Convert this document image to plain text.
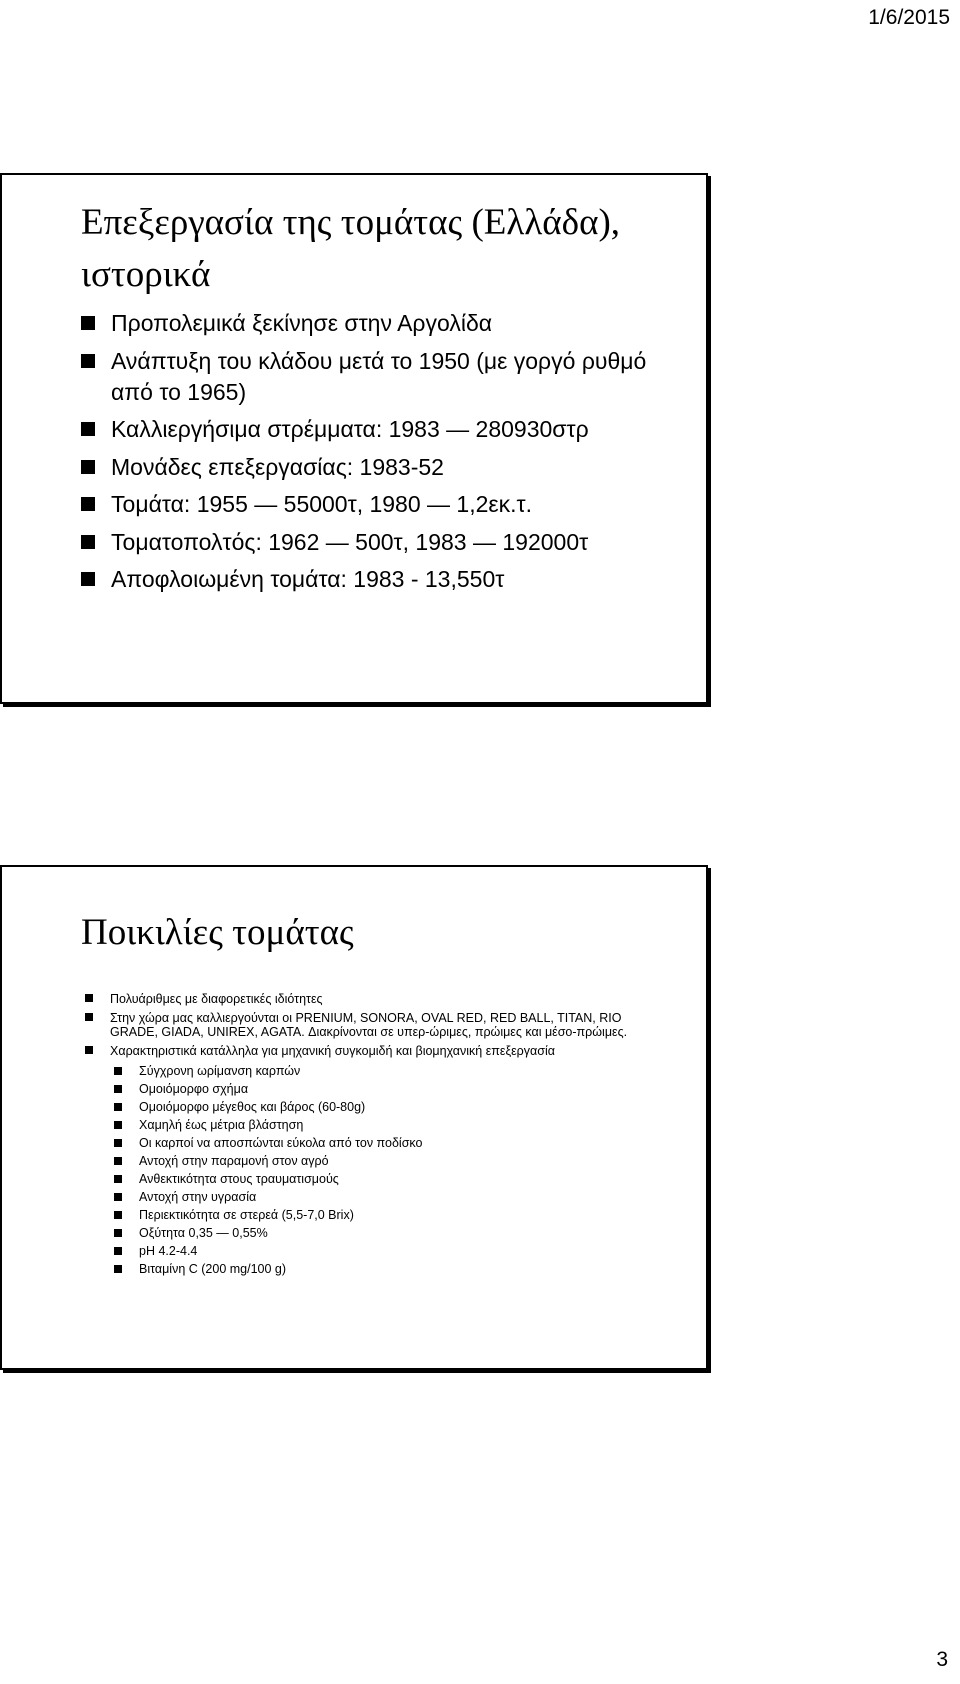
1/6/2015
Επεξεργασία της τομάτας (Ελλάδα), ιστορικά
Προπολεμικά ξεκίνησε στην Αργολίδα
Ανάπτυξη του κλάδου μετά το 1950 (με γοργό ρυθμό από το 1965)
Καλλιεργήσιμα στρέμματα: 1983 — 280930στρ
Μονάδες επεξεργασίας: 1983-52
Τομάτα: 1955 — 55000τ, 1980 — 1,2εκ.τ.
Τοματοπολτός: 1962 — 500τ, 1983 — 192000τ
Αποφλοιωμένη τομάτα: 1983 - 13,550τ
Ποικιλίες τομάτας
Πολυάριθμες με διαφορετικές ιδιότητες
Στην χώρα μας καλλιεργούνται οι PRENIUM, SONORA, OVAL RED, RED BALL, TITAN, RIO GRADE, GIADA, UNIREX, AGATA. Διακρίνονται σε υπερ-ώριμες, πρώιμες και μέσο-πρώιμες.
Χαρακτηριστικά κατάλληλα για μηχανική συγκομιδή και βιομηχανική επεξεργασία
Σύγχρονη ωρίμανση καρπών
Ομοιόμορφο σχήμα
Ομοιόμορφο μέγεθος και βάρος (60-80g)
Χαμηλή έως μέτρια βλάστηση
Οι καρποί να αποσπώνται εύκολα από τον ποδίσκο
Αντοχή στην παραμονή στον αγρό
Ανθεκτικότητα στους τραυματισμούς
Αντοχή στην υγρασία
Περιεκτικότητα σε στερεά (5,5-7,0 Brix)
Οξύτητα 0,35 — 0,55%
pH 4.2-4.4
Βιταμίνη C (200 mg/100 g)
3
